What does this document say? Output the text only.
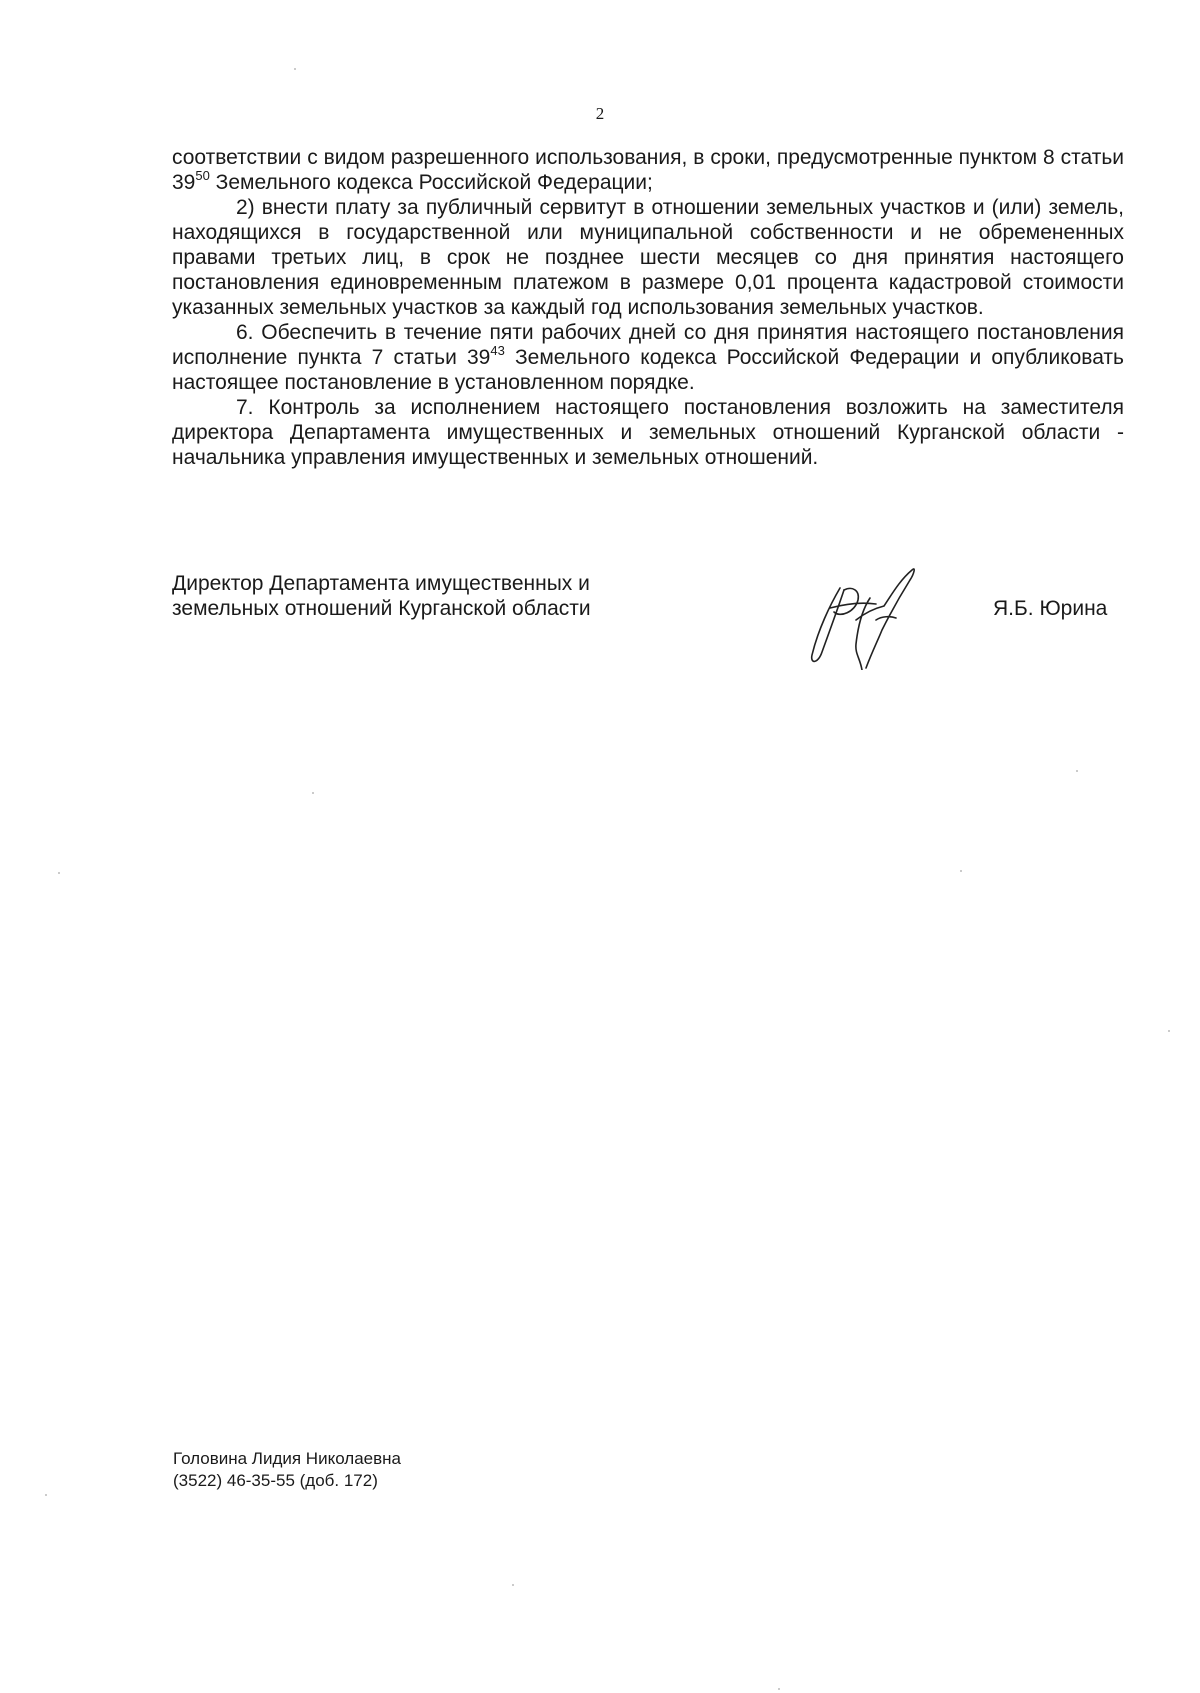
2

соответствии с видом разрешенного использования, в сроки, предусмотренные пунктом 8 статьи $39^{50}$ Земельного кодекса Российской Федерации;

2) внести плату за публичный сервитут в отношении земельных участков и (или) земель, находящихся в государственной или муниципальной собственности и не обремененных правами третьих лиц, в срок не позднее шести месяцев со дня принятия настоящего постановления единовременным платежом в размере 0,01 процента кадастровой стоимости указанных земельных участков за каждый год использования земельных участков.

6. Обеспечить в течение пяти рабочих дней со дня принятия настоящего постановления исполнение пункта 7 статьи $39^{43}$ Земельного кодекса Российской Федерации и опубликовать настоящее постановление в установленном порядке.

7. Контроль за исполнением настоящего постановления возложить на заместителя директора Департамента имущественных и земельных отношений Курганской области - начальника управления имущественных и земельных отношений.

Директор Департамента имущественных и
земельных отношений Курганской области	Я.Б. Юрина
Головина Лидия Николаевна
(3522) 46-35-55 (доб. 172)
